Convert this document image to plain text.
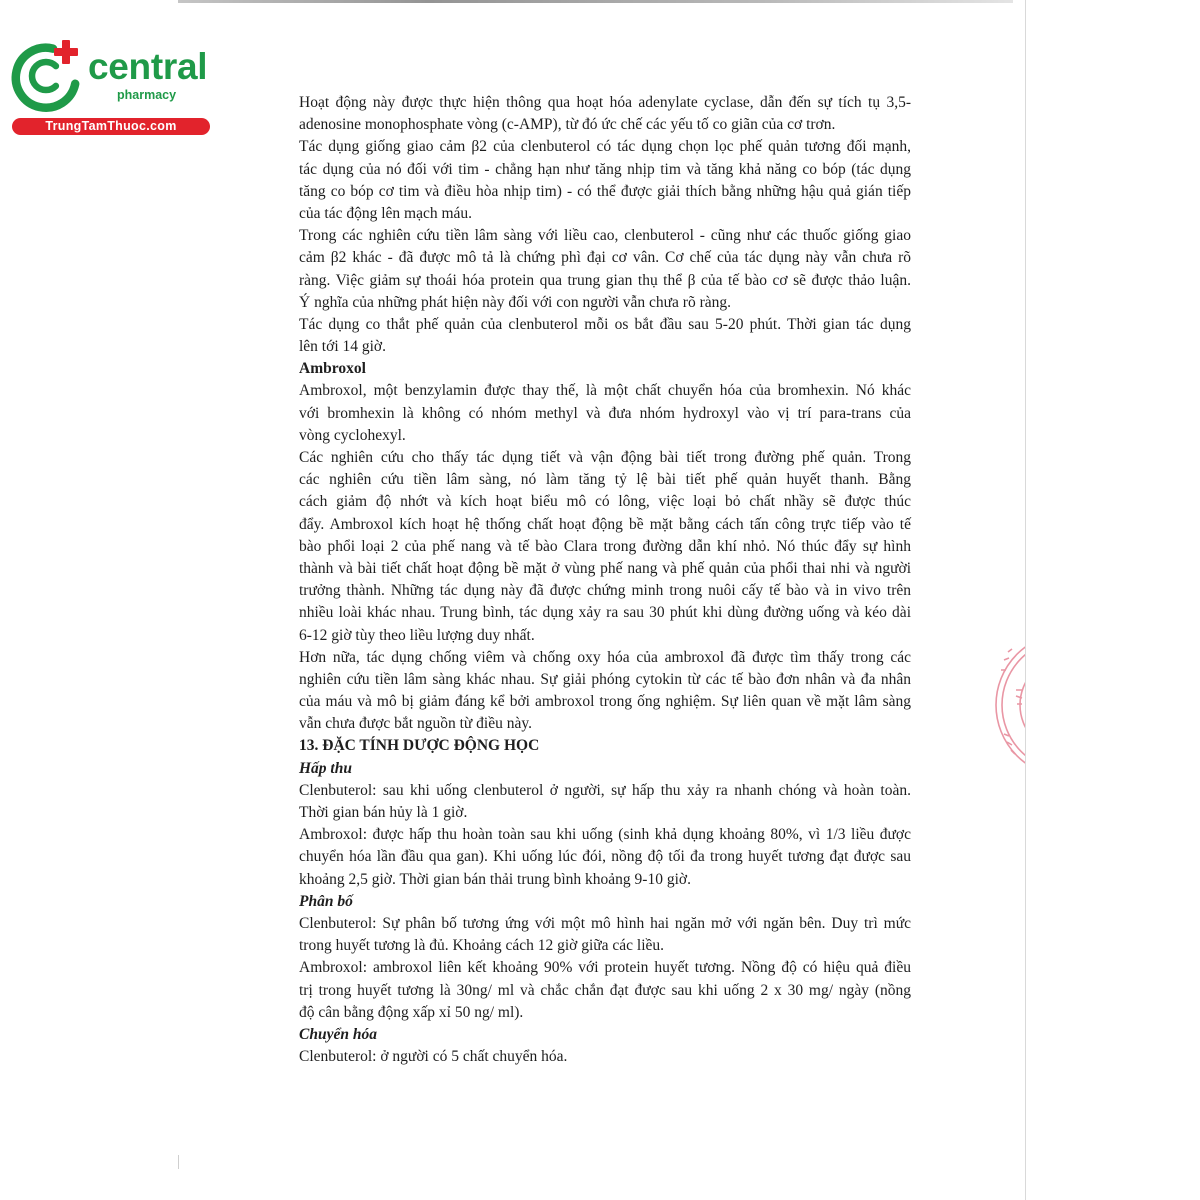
central
pharmacy
TrungTamThuoc.com
Hoạt động này được thực hiện thông qua hoạt hóa adenylate cyclase, dẫn đến sự tích tụ 3,5-
adenosine monophosphate vòng (c-AMP), từ đó ức chế các yếu tố co giãn của cơ trơn.
Tác dụng giống giao cảm β2 của clenbuterol có tác dụng chọn lọc phế quản tương đối mạnh,
tác dụng của nó đối với tim - chẳng hạn như tăng nhịp tim và tăng khả năng co bóp (tác dụng
tăng co bóp cơ tim và điều hòa nhịp tim) - có thể được giải thích bằng những hậu quả gián tiếp
của tác động lên mạch máu.
Trong các nghiên cứu tiền lâm sàng với liều cao, clenbuterol - cũng như các thuốc giống giao
cảm β2 khác - đã được mô tả là chứng phì đại cơ vân. Cơ chế của tác dụng này vẫn chưa rõ
ràng. Việc giảm sự thoái hóa protein qua trung gian thụ thể β của tế bào cơ sẽ được thảo luận.
Ý nghĩa của những phát hiện này đối với con người vẫn chưa rõ ràng.
Tác dụng co thắt phế quản của clenbuterol mỗi os bắt đầu sau 5-20 phút. Thời gian tác dụng
lên tới 14 giờ.
Ambroxol
Ambroxol, một benzylamin được thay thế, là một chất chuyển hóa của bromhexin. Nó khác
với bromhexin là không có nhóm methyl và đưa nhóm hydroxyl vào vị trí para-trans của
vòng cyclohexyl.
Các nghiên cứu cho thấy tác dụng tiết và vận động bài tiết trong đường phế quản. Trong
các nghiên cứu tiền lâm sàng, nó làm tăng tỷ lệ bài tiết phế quản huyết thanh. Bằng
cách giảm độ nhớt và kích hoạt biểu mô có lông, việc loại bỏ chất nhầy sẽ được thúc
đẩy. Ambroxol kích hoạt hệ thống chất hoạt động bề mặt bằng cách tấn công trực tiếp vào tế
bào phổi loại 2 của phế nang và tế bào Clara trong đường dẫn khí nhỏ. Nó thúc đẩy sự hình
thành và bài tiết chất hoạt động bề mặt ở vùng phế nang và phế quản của phổi thai nhi và người
trưởng thành. Những tác dụng này đã được chứng minh trong nuôi cấy tế bào và in vivo trên
nhiều loài khác nhau. Trung bình, tác dụng xảy ra sau 30 phút khi dùng đường uống và kéo dài
6-12 giờ tùy theo liều lượng duy nhất.
Hơn nữa, tác dụng chống viêm và chống oxy hóa của ambroxol đã được tìm thấy trong các
nghiên cứu tiền lâm sàng khác nhau. Sự giải phóng cytokin từ các tế bào đơn nhân và đa nhân
của máu và mô bị giảm đáng kể bởi ambroxol trong ống nghiệm. Sự liên quan về mặt lâm sàng
vẫn chưa được bắt nguồn từ điều này.
13. ĐẶC TÍNH DƯỢC ĐỘNG HỌC
Hấp thu
Clenbuterol: sau khi uống clenbuterol ở người, sự hấp thu xảy ra nhanh chóng và hoàn toàn.
Thời gian bán hủy là 1 giờ.
Ambroxol: được hấp thu hoàn toàn sau khi uống (sinh khả dụng khoảng 80%, vì 1/3 liều được
chuyển hóa lần đầu qua gan). Khi uống lúc đói, nồng độ tối đa trong huyết tương đạt được sau
khoảng 2,5 giờ. Thời gian bán thải trung bình khoảng 9-10 giờ.
Phân bố
Clenbuterol: Sự phân bố tương ứng với một mô hình hai ngăn mở với ngăn bên. Duy trì mức
trong huyết tương là đủ. Khoảng cách 12 giờ giữa các liều.
Ambroxol: ambroxol liên kết khoảng 90% với protein huyết tương. Nồng độ có hiệu quả điều
trị trong huyết tương là 30ng/ ml và chắc chắn đạt được sau khi uống 2 x 30 mg/ ngày (nồng
độ cân bằng động xấp xỉ 50 ng/ ml).
Chuyển hóa
Clenbuterol: ở người có 5 chất chuyển hóa.
